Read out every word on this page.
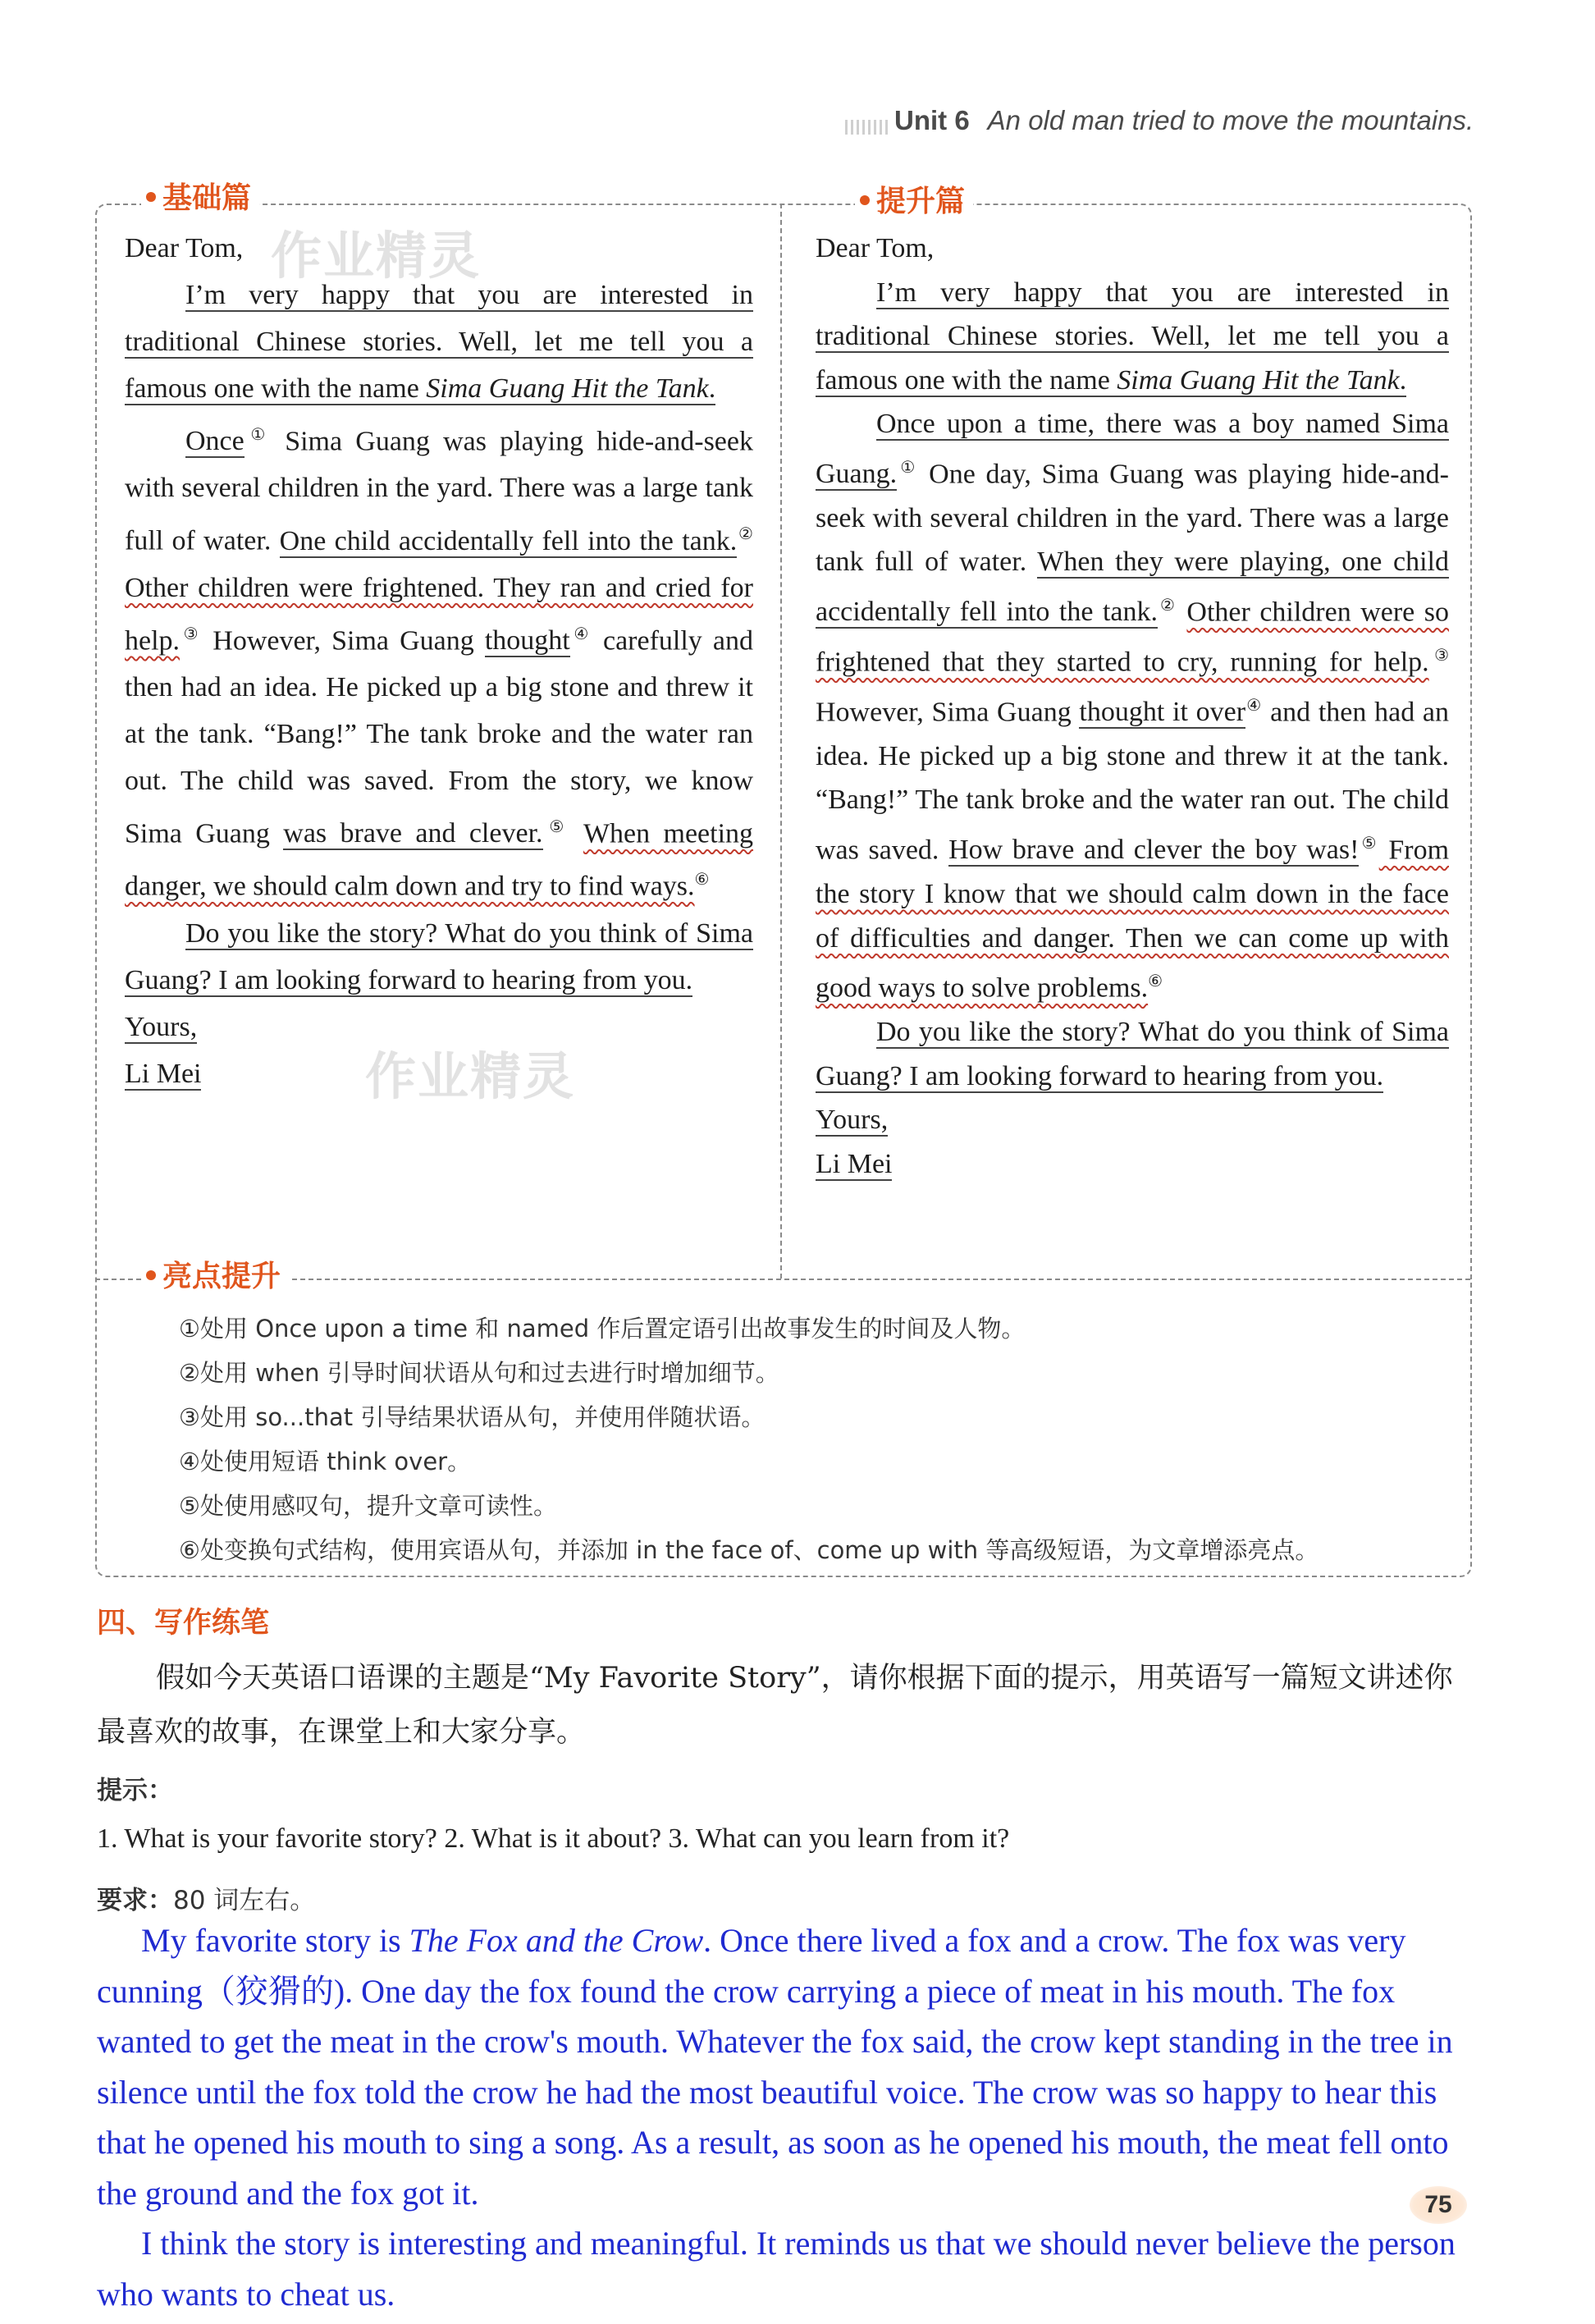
Unit 6 An old man tried to move the mountains.
基础篇	提升篇
亮点提升

Dear Tom,

I’m very happy that you are interested in traditional Chinese stories. Well, let me tell you a famous one with the name Sima Guang Hit the Tank.

Once① Sima Guang was playing hide-and-seek with several children in the yard. There was a large tank full of water. One child accidentally fell into the tank.② Other children were frightened. They ran and cried for help.③ However, Sima Guang thought④ carefully and then had an idea. He picked up a big stone and threw it at the tank. “Bang!” The tank broke and the water ran out. The child was saved. From the story, we know Sima Guang was brave and clever.⑤ When meeting danger, we should calm down and try to find ways.⑥

Do you like the story? What do you think of Sima Guang? I am looking forward to hearing from you.

Yours,

Li Mei

Dear Tom,

I’m very happy that you are interested in traditional Chinese stories. Well, let me tell you a famous one with the name Sima Guang Hit the Tank.

Once upon a time, there was a boy named Sima Guang.① One day, Sima Guang was playing hide-and-seek with several children in the yard. There was a large tank full of water. When they were playing, one child accidentally fell into the tank.② Other children were so frightened that they started to cry, running for help.③ However, Sima Guang thought it over④ and then had an idea. He picked up a big stone and threw it at the tank. “Bang!” The tank broke and the water ran out. The child was saved. How brave and clever the boy was!⑤ From the story I know that we should calm down in the face of difficulties and danger. Then we can come up with good ways to solve problems.⑥

Do you like the story? What do you think of Sima Guang? I am looking forward to hearing from you.

Yours,

Li Mei

①处用 Once upon a time 和 named 作后置定语引出故事发生的时间及人物。
②处用 when 引导时间状语从句和过去进行时增加细节。
③处用 so...that 引导结果状语从句，并使用伴随状语。
④处使用短语 think over。
⑤处使用感叹句，提升文章可读性。
⑥处变换句式结构，使用宾语从句，并添加 in the face of、come up with 等高级短语，为文章增添亮点。
四、写作练笔
假如今天英语口语课的主题是“My Favorite Story”，请你根据下面的提示，用英语写一篇短文讲述你最喜欢的故事，在课堂上和大家分享。
提示：
1. What is your favorite story? 2. What is it about? 3. What can you learn from it?
要求：80 词左右。

My favorite story is The Fox and the Crow. Once there lived a fox and a crow. The fox was very cunning（狡猾的). One day the fox found the crow carrying a piece of meat in his mouth. The fox wanted to get the meat in the crow's mouth. Whatever the fox said, the crow kept standing in the tree in silence until the fox told the crow he had the most beautiful voice. The crow was so happy to hear this that he opened his mouth to sing a song. As a result, as soon as he opened his mouth, the meat fell onto the ground and the fox got it.

I think the story is interesting and meaningful. It reminds us that we should never believe the person who wants to cheat us.

75
作业精灵
作业精灵
